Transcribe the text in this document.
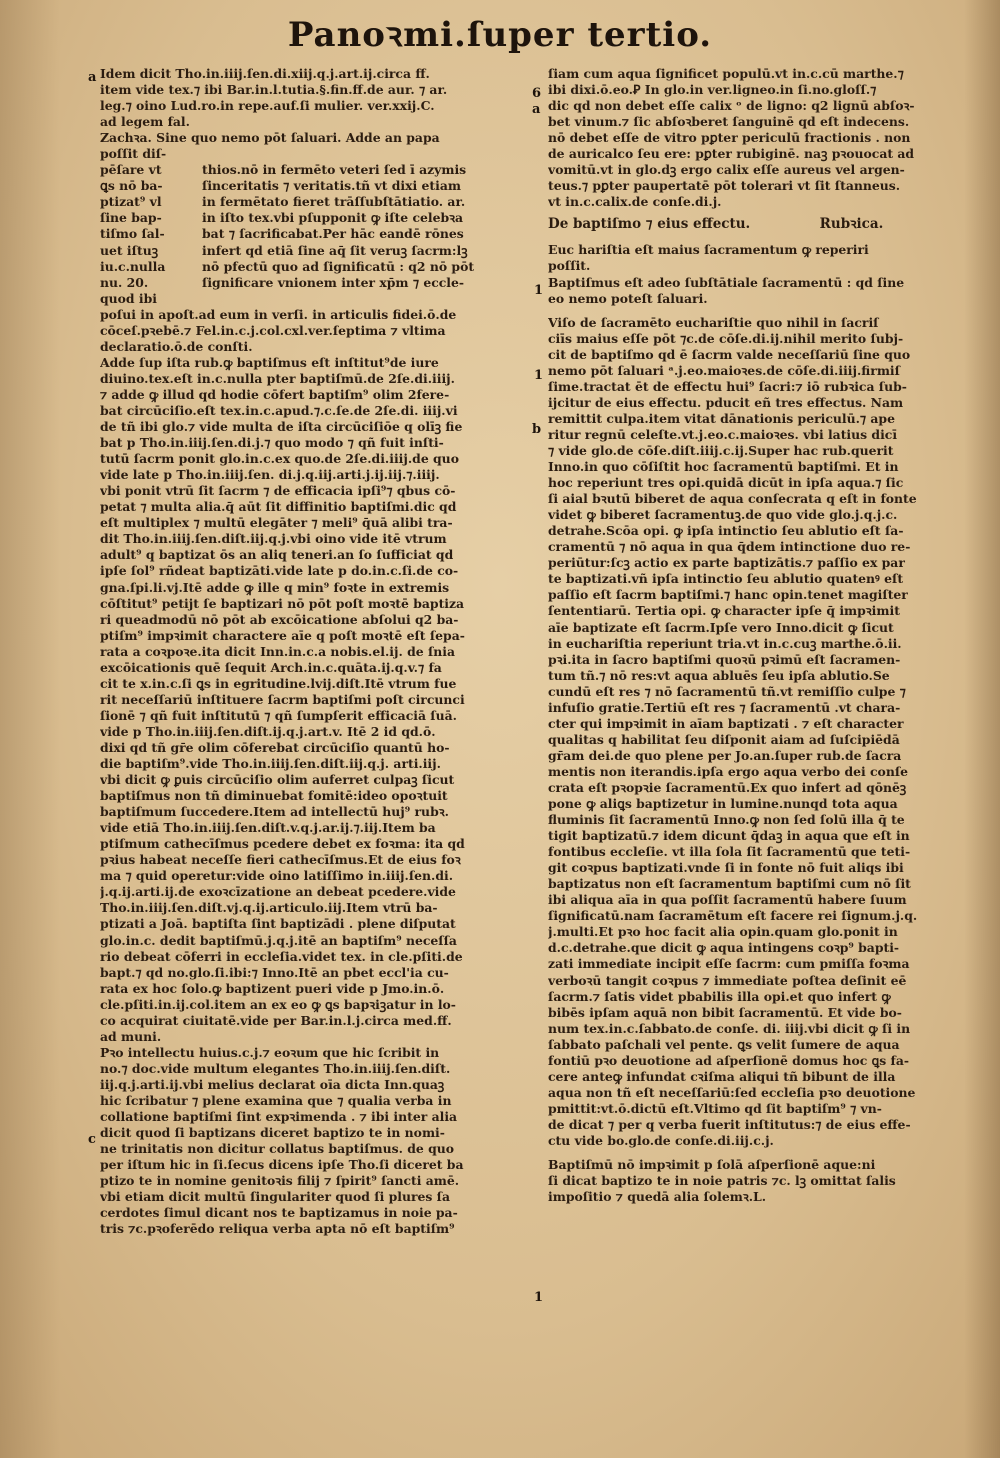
Panoꝛmi.ſuper tertio.
Idem dicit Tho.in.iiij.ſen.di.xiij.q.j.art.ij.circa ff.
item vide tex.⁊ ibi Bar.in.l.tutia.§.fin.ff.de aur. ⁊ ar.
leg.⁊ oino Lud.ro.in repe.auf.ſi mulier. ver.xxij.C.
ad legem fal.
Zachꝛa. Sine quo nemo pōt ſaluari. Adde an papa
poſſit diſ-
pēſare vt	thios.nō in fermēto veteri ſed ī azymis
ꝗs nō ba-	ſinceritatis ⁊ veritatis.tñ vt dixi etiam
ptizat⁹ vl	in fermētato fieret trāſſubſtātiatio. ar.
ſine bap-	in iſto tex.vbi pſupponit ꝙ iſte celebꝛa
tiſmo ſal-	bat ⁊ ſacrificabat.Per hāc eandē rōnes
uet iſtuꝫ	infert qd etiā ſine aq̄ ſit veruꝫ ſacrm:lꝫ
iu.c.nulla	nō pfectū quo ad ſignificatū : q2 nō pōt
nu. 20.	ſignificare vnionem inter xp̄m ⁊ eccle-
quod ibi
poſui in apoſt.ad eum in verſi. in articulis fidei.ō.de
cōceſ.pꝛebē.⁊ Fel.in.c.j.col.cxl.ver.ſeptima ⁊ vltima
declaratio.ō.de conſti.
Adde ſup iſta rub.ꝙ baptiſmus eſt inſtitut⁹de iure
diuino.tex.eſt in.c.nulla pter baptiſmū.de 2ſe.di.iiij.
⁊ adde ꝙ illud qd hodie cōfert baptiſm⁹ olim 2fere-
bat circūciſio.eſt tex.in.c.apud.⁊.c.ſe.de 2ſe.di. iiij.vi
de tñ ibi glo.⁊ vide multa de iſta circūciſiōe q olīꝫ fie
bat p Tho.in.iiij.ſen.di.j.⁊ quo modo ⁊ qñ fuit inſti-
tutū ſacrm ponit glo.in.c.ex quo.de 2ſe.di.iiij.de quo
vide late p Tho.in.iiij.ſen. di.j.q.iij.arti.j.ij.iij.⁊.iiij.
vbi ponit vtrū ſit ſacrm ⁊ de efficacia ipſi⁹⁊ qbus cō-
petat ⁊ multa alia.q̄ aūt ſit diffinitio baptiſmi.dic qd
eſt multiplex ⁊ multū elegāter ⁊ meli⁹ q̄uā alibi tra-
dit Tho.in.iiij.ſen.diſt.iij.q.j.vbi oino vide itē vtrum
adult⁹ q baptizat ōs an aliq teneri.an ſo ſufficiat qd
ipſe ſol⁹ rñdeat baptizāti.vide late p do.in.c.ſi.de co-
gna.ſpi.li.vj.Itē adde ꝙ ille q min⁹ foꝛte in extremis
cōſtitut⁹ petijt ſe baptizari nō pōt poſt moꝛtē baptiza
ri queadmodū nō pōt ab excōicatione abſolui q2 ba-
ptiſm⁹ impꝛimit charactere aīe q poſt moꝛtē eſt ſepa-
rata a coꝛpoꝛe.ita dicit Inn.in.c.a nobis.el.ij. de ſnia
excōicationis quē ſequit Arch.in.c.quāta.ij.q.v.⁊ fa
cit te x.in.c.ſi ꝗs in egritudine.lvij.diſt.Itē vtrum fue
rit neceſſariū inſtituere ſacrm baptiſmi poſt circunci
ſionē ⁊ qñ fuit inſtitutū ⁊ qñ ſumpſerit efficaciā ſuā.
vide p Tho.in.iiij.ſen.diſt.ij.q.j.art.v. Itē 2 id qd.ō.
dixi qd tñ gr̄e olim cōferebat circūciſio quantū ho-
die baptiſm⁹.vide Tho.in.iiij.ſen.diſt.iij.q.j. arti.iij.
vbi dicit ꝙ ꝑuis circūciſio olim auferret culpaꝫ ſicut
baptiſmus non tñ diminuebat fomitē:ideo opoꝛtuit
baptiſmum ſuccedere.Item ad intellectū huj⁹ rubꝛ.
vide etiā Tho.in.iiij.ſen.diſt.v.q.j.ar.ij.⁊.iij.Item ba
ptiſmum cathecīſmus pcedere debet ex foꝛma: ita qd
pꝛius habeat neceſſe fieri cathecīſmus.Et de eius foꝛ
ma ⁊ quid operetur:vide oino latiſſimo in.iiij.ſen.di.
j.q.ij.arti.ij.de exoꝛcīzatione an debeat pcedere.vide
Tho.in.iiij.ſen.diſt.vj.q.ij.articulo.iij.Item vtrū ba-
ptizati a Joā. baptiſta ſint baptizādi . plene diſputat
glo.in.c. dedit baptiſmū.j.q.j.itē an baptiſm⁹ neceſſa
rio debeat cōferri in eccleſia.videt tex. in cle.pſiti.de
bapt.⁊ qd no.glo.ſi.ibi:⁊ Inno.Itē an pbet eccl'ia cu-
rata ex hoc ſolo.ꝙ baptizent pueri vide p Jmo.in.ō.
cle.pſiti.in.ij.col.item an ex eo ꝙ ꝗs bapꝛiꝫatur in lo-
co acquirat ciuitatē.vide per Bar.in.l.j.circa med.ff.
ad muni.
Pꝛo intellectu huius.c.j.⁊ eoꝛum que hic ſcribit in
no.⁊ doc.vide multum elegantes Tho.in.iiij.ſen.diſt.
iij.q.j.arti.ij.vbi melius declarat oīa dicta Inn.quaꝫ
hic ſcribatur ⁊ plene examina que ⁊ qualia verba in
collatione baptiſmi ſint expꝛimenda . ⁊ ibi inter alia
dicit quod ſi baptizans diceret baptizo te in nomi-
ne trinitatis non dicitur collatus baptiſmus. de quo
per iſtum hic in ſi.ſecus dicens ipſe Tho.ſi diceret ba
ptizo te in nomine genitoꝛis filij ⁊ ſpirit⁹ ſancti amē.
vbi etiam dicit multū ſingulariter quod ſi plures ſa
cerdotes ſimul dicant nos te baptizamus in noie pa-
tris ⁊c.pꝛoferēdo reliqua verba apta nō eſt baptiſm⁹
ſiam cum aqua ſignificet populū.vt in.c.cū marthe.⁊
ibi dixi.ō.eo.Ꝑ In glo.in ver.ligneo.in ſi.no.gloſſ.⁊
dic qd non debet eſſe calix ᵒ de ligno: q2 lignū abſoꝛ-
bet vinum.⁊ ſic abſoꝛberet ſanguinē qd eſt indecens.
nō debet eſſe de vitro pꝑter periculū fractionis . non
de auricalco ſeu ere: pꝑter rubiginē. naꝫ pꝛouocat ad
vomitū.vt in glo.dꝫ ergo calix eſſe aureus vel argen-
teus.⁊ pꝑter paupertatē pōt tolerari vt ſit ſtanneus.
vt in.c.calix.de conſe.di.j.
De baptiſmo ⁊ eius effectu.	Rubꝛica.
Euc hariſtia eſt maius ſacramentum ꝙ reperiri
poſſit.
Baptiſmus eſt adeo ſubſtātiale ſacramentū : qd ſine
eo nemo poteſt ſaluari.
Viſo de ſacramēto euchariſtie quo nihil in ſacriſ
ciīs maius eſſe pōt ⁊c.de cōſe.di.ij.nihil merito ſubj-
cit de baptiſmo qd ē ſacrm valde neceſſariū ſine quo
nemo pōt ſaluari ᵃ.j.eo.maioꝛes.de cōſe.di.iiij.firmiſ
ſime.tractat ēt de effectu hui⁹ ſacri:⁊ iō rubꝛica ſub-
ijcitur de eius effectu. pducit eñ tres effectus. Nam
remittit culpa.item vitat dānationis periculū.⁊ ape
ritur regnū celeſte.vt.j.eo.c.maioꝛes. vbi latius dicī
⁊ vide glo.de cōſe.diſt.iiij.c.ij.Super hac rub.querit
Inno.in quo cōſiſtit hoc ſacramentū baptiſmi. Et in
hoc reperiunt tres opi.quidā dicūt in ipſa aqua.⁊ ſic
ſi aial bꝛutū biberet de aqua conſecrata q eſt in fonte
videt ꝙ biberet ſacramentuꝫ.de quo vide glo.j.q.j.c.
detrahe.Scōa opi. ꝙ ipſa intinctio ſeu ablutio eſt ſa-
cramentū ⁊ nō aqua in qua q̄dem intinctione duo re-
periūtur:ſcꝫ actio ex parte baptizātis.⁊ paſſio ex par
te baptizati.vñ ipſa intinctio ſeu ablutio quatenꝰ eſt
paſſio eſt ſacrm baptiſmi.⁊ hanc opin.tenet magiſter
ſententiarū. Tertia opi. ꝙ character ipſe q̄ impꝛimit
aīe baptizate eſt ſacrm.Ipſe vero Inno.dicit ꝙ ſicut
in euchariſtia reperiunt tria.vt in.c.cuꝫ marthe.ō.ii.
pꝛi.ita in ſacro baptiſmi quoꝛū pꝛimū eſt ſacramen-
tum tñ.⁊ nō res:vt aqua abluēs ſeu ipſa ablutio.Se
cundū eſt res ⁊ nō ſacramentū tñ.vt remiſſio culpe ⁊
infuſio gratie.Tertiū eſt res ⁊ ſacramentū .vt chara-
cter qui impꝛimit in aīam baptizati . ⁊ eſt character
qualitas q habilitat ſeu diſponit aiam ad ſuſcipiēdā
gr̄am dei.de quo plene per Jo.an.ſuper rub.de ſacra
mentis non iterandis.ipſa ergo aqua verbo dei conſe
crata eſt pꝛopꝛie ſacramentū.Ex quo infert ad qōnēꝫ
pone ꝙ aliꝗs baptizetur in lumine.nunqd tota aqua
fluminis ſit ſacramentū Inno.ꝙ non ſed ſolū illa q̄ te
tigit baptizatū.⁊ idem dicunt q̄daꝫ in aqua que eſt in
fontibus eccleſie. vt illa ſola ſit ſacramentū que teti-
git coꝛpus baptizati.vnde ſi in fonte nō fuit aliqs ibi
baptizatus non eſt ſacramentum baptiſmi cum nō ſit
ibi aliqua aīa in qua poſſit ſacramentū habere ſuum
ſignificatū.nam ſacramētum eſt facere rei ſignum.j.q.
j.multi.Et pꝛo hoc facit alia opin.quam glo.ponit in
d.c.detrahe.que dicit ꝙ aqua intingens coꝛp⁹ bapti-
zati immediate incipit eſſe ſacrm: cum pmiſſa foꝛma
verboꝛū tangit coꝛpus ⁊ immediate poſtea deſinit eē
ſacrm.⁊ ſatis videt pbabilis illa opi.et quo infert ꝙ
bibēs ipſam aquā non bibit ſacramentū. Et vide bo-
num tex.in.c.ſabbato.de conſe. di. iiij.vbi dicit ꝙ ſi in
ſabbato paſchali vel pente. ꝗs velit ſumere de aqua
fontiū pꝛo deuotione ad aſperſionē domus hoc ꝗs fa-
cere anteꝙ infundat cꝛiſma aliqui tñ bibunt de illa
aqua non tñ eſt neceſſariū:ſed eccleſia pꝛo deuotione
pmittit:vt.ō.dictū eſt.Vltimo qd ſit baptiſm⁹ ⁊ vn-
de dicat ⁊ per q verba fuerit inſtitutus:⁊ de eius effe-
ctu vide bo.glo.de conſe.di.iij.c.j.
Baptiſmū nō impꝛimit p ſolā aſperſionē aque:ni
ſi dicat baptizo te in noie patris ⁊c. lꝫ omittat ſalis
impoſitio ⁊ quedā alia ſolemꝛ.L.
a
6
a
1
1
b
c
1
